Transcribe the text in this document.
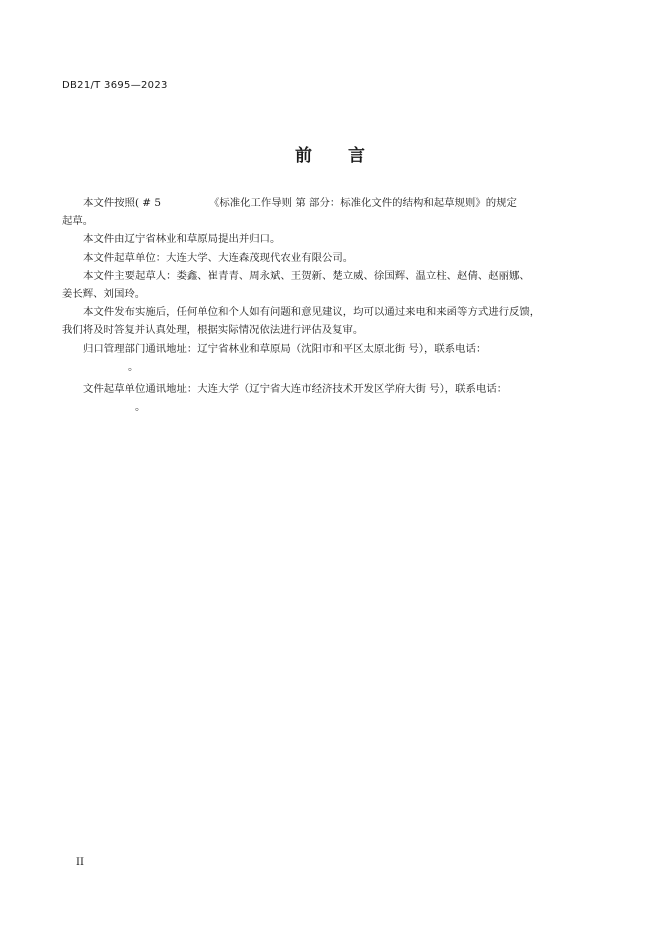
DB21/T 3695—2023
前 言
本文件按照( # 5	《标准化工作导则 第 部分：标准化文件的结构和起草规则》的规定
起草。
本文件由辽宁省林业和草原局提出并归口。
本文件起草单位：大连大学、大连森茂现代农业有限公司。
本文件主要起草人：娄鑫、崔青青、周永斌、王贺新、楚立威、徐国辉、温立柱、赵倩、赵丽娜、
姜长辉、刘国玲。
本文件发布实施后，任何单位和个人如有问题和意见建议，均可以通过来电和来函等方式进行反馈，
我们将及时答复并认真处理，根据实际情况依法进行评估及复审。
归口管理部门通讯地址：辽宁省林业和草原局（沈阳市和平区太原北街 号），联系电话：
。
文件起草单位通讯地址：大连大学（辽宁省大连市经济技术开发区学府大街 号），联系电话：
。
II
